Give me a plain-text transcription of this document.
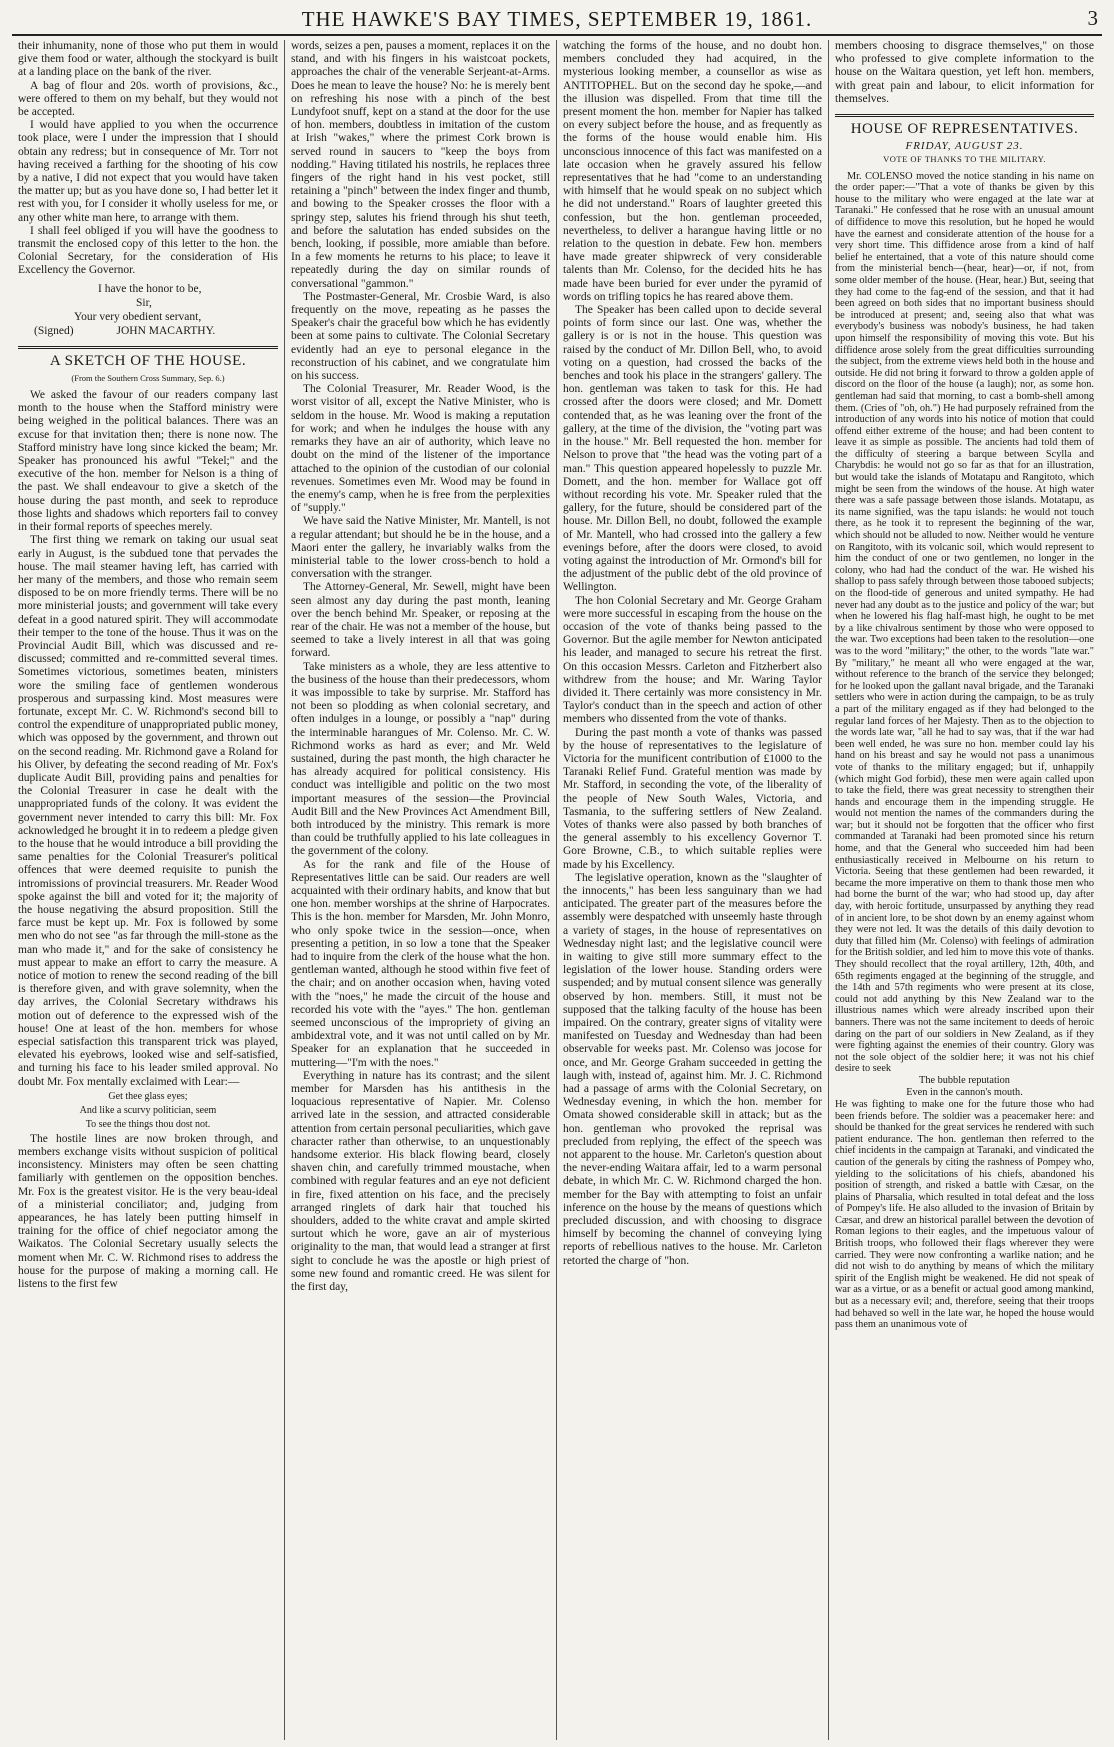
THE HAWKE'S BAY TIMES, SEPTEMBER 19, 1861.	3

their inhumanity, none of those who put them in would give them food or water, although the stockyard is built at a landing place on the bank of the river.

A bag of flour and 20s. worth of provisions, &c., were offered to them on my behalf, but they would not be accepted.

I would have applied to you when the occurrence took place, were I under the impression that I should obtain any redress; but in consequence of Mr. Torr not having received a farthing for the shooting of his cow by a native, I did not expect that you would have taken the matter up; but as you have done so, I had better let it rest with you, for I consider it wholly useless for me, or any other white man here, to arrange with them.

I shall feel obliged if you will have the goodness to transmit the enclosed copy of this letter to the hon. the Colonial Secretary, for the consideration of His Excellency the Governor.

I have the honor to be,
Sir,
Your very obedient servant,
(Signed)	JOHN MACARTHY.
A SKETCH OF THE HOUSE.
(From the Southern Cross Summary, Sep. 6.)

We asked the favour of our readers company last month to the house when the Stafford ministry were being weighed in the political balances. There was an excuse for that invitation then; there is none now. The Stafford ministry have long since kicked the beam; Mr. Speaker has pronounced his awful "Tekel;" and the executive of the hon. member for Nelson is a thing of the past. We shall endeavour to give a sketch of the house during the past month, and seek to reproduce those lights and shadows which reporters fail to convey in their formal reports of speeches merely.

The first thing we remark on taking our usual seat early in August, is the subdued tone that pervades the house. The mail steamer having left, has carried with her many of the members, and those who remain seem disposed to be on more friendly terms. There will be no more ministerial jousts; and government will take every defeat in a good natured spirit. They will accommodate their temper to the tone of the house. Thus it was on the Provincial Audit Bill, which was discussed and re-discussed; committed and re-committed several times. Sometimes victorious, sometimes beaten, ministers wore the smiling face of gentlemen wonderous prosperous and surpassing kind. Most measures were fortunate, except Mr. C. W. Richmond's second bill to control the expenditure of unappropriated public money, which was opposed by the government, and thrown out on the second reading. Mr. Richmond gave a Roland for his Oliver, by defeating the second reading of Mr. Fox's duplicate Audit Bill, providing pains and penalties for the Colonial Treasurer in case he dealt with the unappropriated funds of the colony. It was evident the government never intended to carry this bill: Mr. Fox acknowledged he brought it in to redeem a pledge given to the house that he would introduce a bill providing the same penalties for the Colonial Treasurer's political offences that were deemed requisite to punish the intromissions of provincial treasurers. Mr. Reader Wood spoke against the bill and voted for it; the majority of the house negativing the absurd proposition. Still the farce must be kept up. Mr. Fox is followed by some men who do not see "as far through the mill-stone as the man who made it," and for the sake of consistency he must appear to make an effort to carry the measure. A notice of motion to renew the second reading of the bill is therefore given, and with grave solemnity, when the day arrives, the Colonial Secretary withdraws his motion out of deference to the expressed wish of the house! One at least of the hon. members for whose especial satisfaction this transparent trick was played, elevated his eyebrows, looked wise and self-satisfied, and turning his face to his leader smiled approval. No doubt Mr. Fox mentally exclaimed with Lear:—

Get thee glass eyes;
And like a scurvy politician, seem
To see the things thou dost not.

The hostile lines are now broken through, and members exchange visits without suspicion of political inconsistency. Ministers may often be seen chatting familiarly with gentlemen on the opposition benches. Mr. Fox is the greatest visitor. He is the very beau-ideal of a ministerial conciliator; and, judging from appearances, he has lately been putting himself in training for the office of chief negociator among the Waikatos. The Colonial Secretary usually selects the moment when Mr. C. W. Richmond rises to address the house for the purpose of making a morning call. He listens to the first few

words, seizes a pen, pauses a moment, replaces it on the stand, and with his fingers in his waistcoat pockets, approaches the chair of the venerable Serjeant-at-Arms. Does he mean to leave the house? No: he is merely bent on refreshing his nose with a pinch of the best Lundyfoot snuff, kept on a stand at the door for the use of hon. members, doubtless in imitation of the custom at Irish "wakes," where the primest Cork brown is served round in saucers to "keep the boys from nodding." Having titilated his nostrils, he replaces three fingers of the right hand in his vest pocket, still retaining a "pinch" between the index finger and thumb, and bowing to the Speaker crosses the floor with a springy step, salutes his friend through his shut teeth, and before the salutation has ended subsides on the bench, looking, if possible, more amiable than before. In a few moments he returns to his place; to leave it repeatedly during the day on similar rounds of conversational "gammon."

The Postmaster-General, Mr. Crosbie Ward, is also frequently on the move, repeating as he passes the Speaker's chair the graceful bow which he has evidently been at some pains to cultivate. The Colonial Secretary evidently had an eye to personal elegance in the reconstruction of his cabinet, and we congratulate him on his success.

The Colonial Treasurer, Mr. Reader Wood, is the worst visitor of all, except the Native Minister, who is seldom in the house. Mr. Wood is making a reputation for work; and when he indulges the house with any remarks they have an air of authority, which leave no doubt on the mind of the listener of the importance attached to the opinion of the custodian of our colonial revenues. Sometimes even Mr. Wood may be found in the enemy's camp, when he is free from the perplexities of "supply."

We have said the Native Minister, Mr. Mantell, is not a regular attendant; but should he be in the house, and a Maori enter the gallery, he invariably walks from the ministerial table to the lower cross-bench to hold a conversation with the stranger.

The Attorney-General, Mr. Sewell, might have been seen almost any day during the past month, leaning over the bench behind Mr. Speaker, or reposing at the rear of the chair. He was not a member of the house, but seemed to take a lively interest in all that was going forward.

Take ministers as a whole, they are less attentive to the business of the house than their predecessors, whom it was impossible to take by surprise. Mr. Stafford has not been so plodding as when colonial secretary, and often indulges in a lounge, or possibly a "nap" during the interminable harangues of Mr. Colenso. Mr. C. W. Richmond works as hard as ever; and Mr. Weld sustained, during the past month, the high character he has already acquired for political consistency. His conduct was intelligible and politic on the two most important measures of the session—the Provincial Audit Bill and the New Provinces Act Amendment Bill, both introduced by the ministry. This remark is more than could be truthfully applied to his late colleagues in the government of the colony.

As for the rank and file of the House of Representatives little can be said. Our readers are well acquainted with their ordinary habits, and know that but one hon. member worships at the shrine of Harpocrates. This is the hon. member for Marsden, Mr. John Monro, who only spoke twice in the session—once, when presenting a petition, in so low a tone that the Speaker had to inquire from the clerk of the house what the hon. gentleman wanted, although he stood within five feet of the chair; and on another occasion when, having voted with the "noes," he made the circuit of the house and recorded his vote with the "ayes." The hon. gentleman seemed unconscious of the impropriety of giving an ambidextral vote, and it was not until called on by Mr. Speaker for an explanation that he succeeded in muttering—"I'm with the noes."

Everything in nature has its contrast; and the silent member for Marsden has his antithesis in the loquacious representative of Napier. Mr. Colenso arrived late in the session, and attracted considerable attention from certain personal peculiarities, which gave character rather than otherwise, to an unquestionably handsome exterior. His black flowing beard, closely shaven chin, and carefully trimmed moustache, when combined with regular features and an eye not deficient in fire, fixed attention on his face, and the precisely arranged ringlets of dark hair that touched his shoulders, added to the white cravat and ample skirted surtout which he wore, gave an air of mysterious originality to the man, that would lead a stranger at first sight to conclude he was the apostle or high priest of some new found and romantic creed. He was silent for the first day,

watching the forms of the house, and no doubt hon. members concluded they had acquired, in the mysterious looking member, a counsellor as wise as ANTITOPHEL. But on the second day he spoke,—and the illusion was dispelled. From that time till the present moment the hon. member for Napier has talked on every subject before the house, and as frequently as the forms of the house would enable him. His unconscious innocence of this fact was manifested on a late occasion when he gravely assured his fellow representatives that he had "come to an understanding with himself that he would speak on no subject which he did not understand." Roars of laughter greeted this confession, but the hon. gentleman proceeded, nevertheless, to deliver a harangue having little or no relation to the question in debate. Few hon. members have made greater shipwreck of very considerable talents than Mr. Colenso, for the decided hits he has made have been buried for ever under the pyramid of words on trifling topics he has reared above them.

The Speaker has been called upon to decide several points of form since our last. One was, whether the gallery is or is not in the house. This question was raised by the conduct of Mr. Dillon Bell, who, to avoid voting on a question, had crossed the backs of the benches and took his place in the strangers' gallery. The hon. gentleman was taken to task for this. He had crossed after the doors were closed; and Mr. Domett contended that, as he was leaning over the front of the gallery, at the time of the division, the "voting part was in the house." Mr. Bell requested the hon. member for Nelson to prove that "the head was the voting part of a man." This question appeared hopelessly to puzzle Mr. Domett, and the hon. member for Wallace got off without recording his vote. Mr. Speaker ruled that the gallery, for the future, should be considered part of the house. Mr. Dillon Bell, no doubt, followed the example of Mr. Mantell, who had crossed into the gallery a few evenings before, after the doors were closed, to avoid voting against the introduction of Mr. Ormond's bill for the adjustment of the public debt of the old province of Wellington.

The hon Colonial Secretary and Mr. George Graham were more successful in escaping from the house on the occasion of the vote of thanks being passed to the Governor. But the agile member for Newton anticipated his leader, and managed to secure his retreat the first. On this occasion Messrs. Carleton and Fitzherbert also withdrew from the house; and Mr. Waring Taylor divided it. There certainly was more consistency in Mr. Taylor's conduct than in the speech and action of other members who dissented from the vote of thanks.

During the past month a vote of thanks was passed by the house of representatives to the legislature of Victoria for the munificent contribution of £1000 to the Taranaki Relief Fund. Grateful mention was made by Mr. Stafford, in seconding the vote, of the liberality of the people of New South Wales, Victoria, and Tasmania, to the suffering settlers of New Zealand. Votes of thanks were also passed by both branches of the general assembly to his excellency Governor T. Gore Browne, C.B., to which suitable replies were made by his Excellency.

The legislative operation, known as the "slaughter of the innocents," has been less sanguinary than we had anticipated. The greater part of the measures before the assembly were despatched with unseemly haste through a variety of stages, in the house of representatives on Wednesday night last; and the legislative council were in waiting to give still more summary effect to the legislation of the lower house. Standing orders were suspended; and by mutual consent silence was generally observed by hon. members. Still, it must not be supposed that the talking faculty of the house has been impaired. On the contrary, greater signs of vitality were manifested on Tuesday and Wednesday than had been observable for weeks past. Mr. Colenso was jocose for once, and Mr. George Graham succeeded in getting the laugh with, instead of, against him. Mr. J. C. Richmond had a passage of arms with the Colonial Secretary, on Wednesday evening, in which the hon. member for Omata showed considerable skill in attack; but as the hon. gentleman who provoked the reprisal was precluded from replying, the effect of the speech was not apparent to the house. Mr. Carleton's question about the never-ending Waitara affair, led to a warm personal debate, in which Mr. C. W. Richmond charged the hon. member for the Bay with attempting to foist an unfair inference on the house by the means of questions which precluded discussion, and with choosing to disgrace himself by becoming the channel of conveying lying reports of rebellious natives to the house. Mr. Carleton retorted the charge of "hon.

members choosing to disgrace themselves," on those who professed to give complete information to the house on the Waitara question, yet left hon. members, with great pain and labour, to elicit information for themselves.

HOUSE OF REPRESENTATIVES.
FRIDAY, AUGUST 23.
VOTE OF THANKS TO THE MILITARY.

Mr. COLENSO moved the notice standing in his name on the order paper:—"That a vote of thanks be given by this house to the military who were engaged at the late war at Taranaki." He confessed that he rose with an unusual amount of diffidence to move this resolution, but he hoped he would have the earnest and considerate attention of the house for a very short time. This diffidence arose from a kind of half belief he entertained, that a vote of this nature should come from the ministerial bench—(hear, hear)—or, if not, from some older member of the house. (Hear, hear.) But, seeing that they had come to the fag-end of the session, and that it had been agreed on both sides that no important business should be introduced at present; and, seeing also that what was everybody's business was nobody's business, he had taken upon himself the responsibility of moving this vote. But his diffidence arose solely from the great difficulties surrounding the subject, from the extreme views held both in the house and outside. He did not bring it forward to throw a golden apple of discord on the floor of the house (a laugh); nor, as some hon. gentleman had said that morning, to cast a bomb-shell among them. (Cries of "oh, oh.") He had purposely refrained from the introduction of any words into his notice of motion that could offend either extreme of the house; and had been content to leave it as simple as possible. The ancients had told them of the difficulty of steering a barque between Scylla and Charybdis: he would not go so far as that for an illustration, but would take the islands of Motatapu and Rangitoto, which might be seen from the windows of the house. At high water there was a safe passage between those islands. Motatapu, as its name signified, was the tapu islands: he would not touch there, as he took it to represent the beginning of the war, which should not be alluded to now. Neither would he venture on Rangitoto, with its volcanic soil, which would represent to him the conduct of one or two gentlemen, no longer in the colony, who had had the conduct of the war. He wished his shallop to pass safely through between those tabooed subjects; on the flood-tide of generous and united sympathy. He had never had any doubt as to the justice and policy of the war; but when he lowered his flag half-mast high, he ought to be met by a like chivalrous sentiment by those who were opposed to the war. Two exceptions had been taken to the resolution—one was to the word "military;" the other, to the words "late war." By "military," he meant all who were engaged at the war, without reference to the branch of the service they belonged; for he looked upon the gallant naval brigade, and the Taranaki settlers who were in action during the campaign, to be as truly a part of the military engaged as if they had belonged to the regular land forces of her Majesty. Then as to the objection to the words late war, "all he had to say was, that if the war had been well ended, he was sure no hon. member could lay his hand on his breast and say he would not pass a unanimous vote of thanks to the military engaged; but if, unhappily (which might God forbid), these men were again called upon to take the field, there was great necessity to strengthen their hands and encourage them in the impending struggle. He would not mention the names of the commanders during the war; but it should not be forgotten that the officer who first commanded at Taranaki had been promoted since his return home, and that the General who succeeded him had been enthusiastically received in Melbourne on his return to Victoria. Seeing that these gentlemen had been rewarded, it became the more imperative on them to thank those men who had borne the burnt of the war; who had stood up, day after day, with heroic fortitude, unsurpassed by anything they read of in ancient lore, to be shot down by an enemy against whom they were not led. It was the details of this daily devotion to duty that filled him (Mr. Colenso) with feelings of admiration for the British soldier, and led him to move this vote of thanks. They should recollect that the royal artillery, 12th, 40th, and 65th regiments engaged at the beginning of the struggle, and the 14th and 57th regiments who were present at its close, could not add anything by this New Zealand war to the illustrious names which were already inscribed upon their banners. There was not the same incitement to deeds of heroic daring on the part of our soldiers in New Zealand, as if they were fighting against the enemies of their country. Glory was not the sole object of the soldier here; it was not his chief desire to seek

The bubble reputation
Even in the cannon's mouth.

He was fighting to make one for the future those who had been friends before. The soldier was a peacemaker here: and should be thanked for the great services he rendered with such patient endurance. The hon. gentleman then referred to the chief incidents in the campaign at Taranaki, and vindicated the caution of the generals by citing the rashness of Pompey who, yielding to the solicitations of his chiefs, abandoned his position of strength, and risked a battle with Cæsar, on the plains of Pharsalia, which resulted in total defeat and the loss of Pompey's life. He also alluded to the invasion of Britain by Cæsar, and drew an historical parallel between the devotion of Roman legions to their eagles, and the impetuous valour of British troops, who followed their flags wherever they were carried. They were now confronting a warlike nation; and he did not wish to do anything by means of which the military spirit of the English might be weakened. He did not speak of war as a virtue, or as a benefit or actual good among mankind, but as a necessary evil; and, therefore, seeing that their troops had behaved so well in the late war, he hoped the house would pass them an unanimous vote of
